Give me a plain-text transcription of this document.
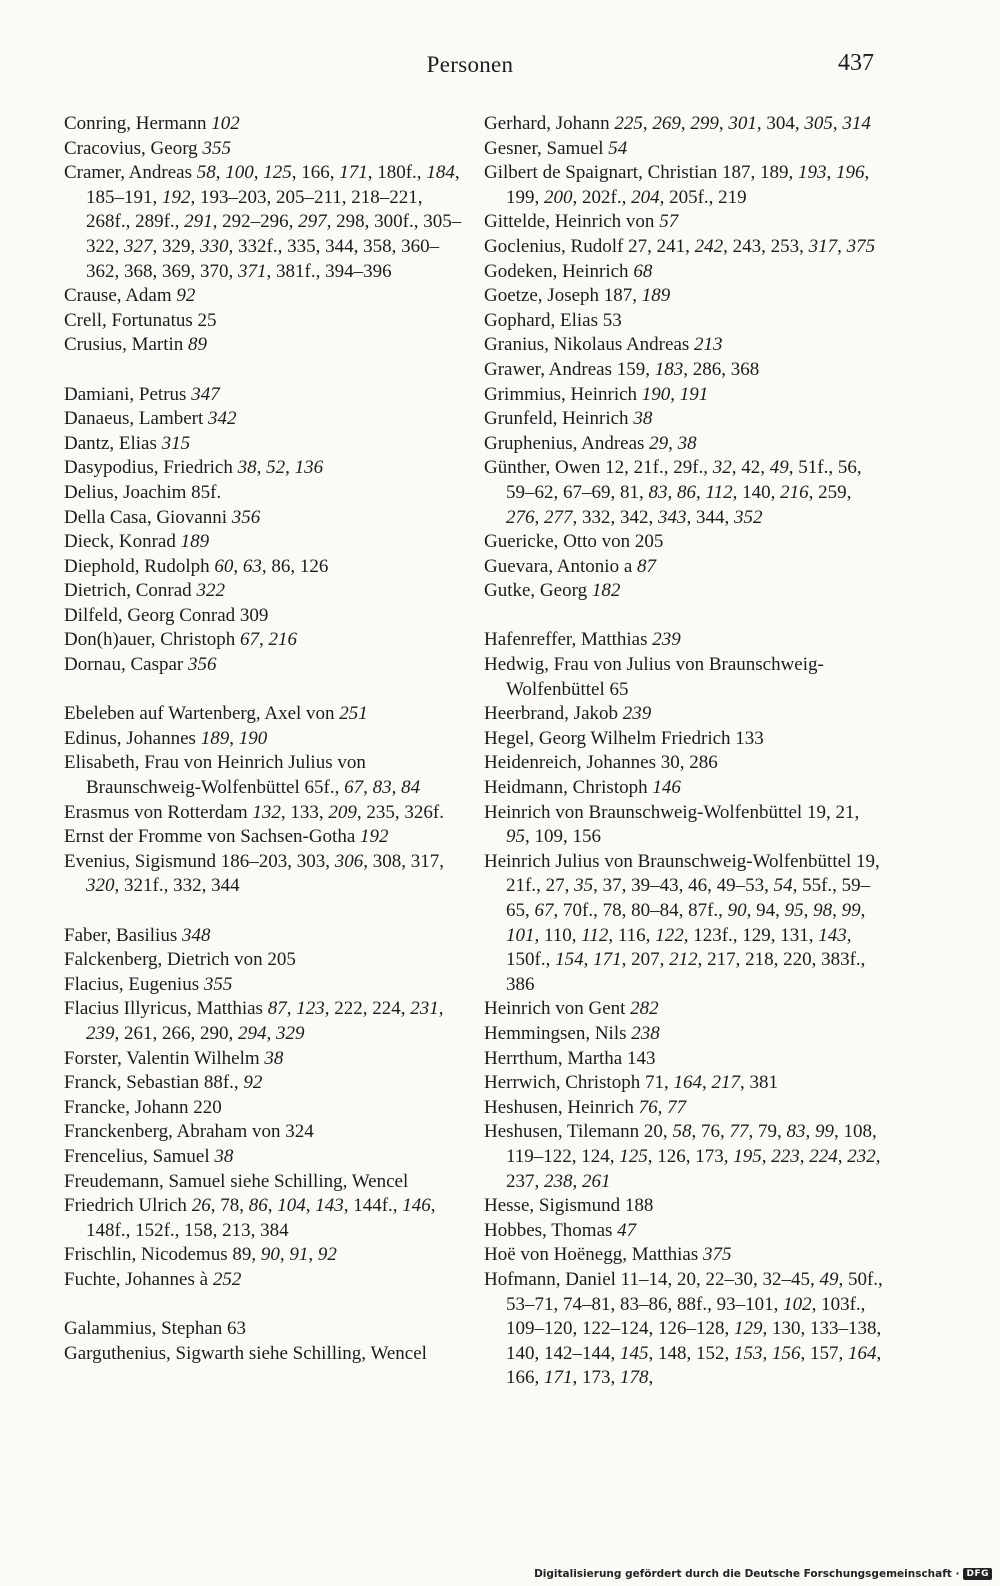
Personen	437
Conring, Hermann 102
Cracovius, Georg 355
Cramer, Andreas 58, 100, 125, 166, 171, 180f., 184, 185–191, 192, 193–203, 205–211, 218–221, 268f., 289f., 291, 292–296, 297, 298, 300f., 305–322, 327, 329, 330, 332f., 335, 344, 358, 360–362, 368, 369, 370, 371, 381f., 394–396
Crause, Adam 92
Crell, Fortunatus 25
Crusius, Martin 89
Damiani, Petrus 347
Danaeus, Lambert 342
Dantz, Elias 315
Dasypodius, Friedrich 38, 52, 136
Delius, Joachim 85f.
Della Casa, Giovanni 356
Dieck, Konrad 189
Diephold, Rudolph 60, 63, 86, 126
Dietrich, Conrad 322
Dilfeld, Georg Conrad 309
Don(h)auer, Christoph 67, 216
Dornau, Caspar 356
Ebeleben auf Wartenberg, Axel von 251
Edinus, Johannes 189, 190
Elisabeth, Frau von Heinrich Julius von Braunschweig-Wolfenbüttel 65f., 67, 83, 84
Erasmus von Rotterdam 132, 133, 209, 235, 326f.
Ernst der Fromme von Sachsen-Gotha 192
Evenius, Sigismund 186–203, 303, 306, 308, 317, 320, 321f., 332, 344
Faber, Basilius 348
Falckenberg, Dietrich von 205
Flacius, Eugenius 355
Flacius Illyricus, Matthias 87, 123, 222, 224, 231, 239, 261, 266, 290, 294, 329
Forster, Valentin Wilhelm 38
Franck, Sebastian 88f., 92
Francke, Johann 220
Franckenberg, Abraham von 324
Frencelius, Samuel 38
Freudemann, Samuel siehe Schilling, Wencel
Friedrich Ulrich 26, 78, 86, 104, 143, 144f., 146, 148f., 152f., 158, 213, 384
Frischlin, Nicodemus 89, 90, 91, 92
Fuchte, Johannes à 252
Galammius, Stephan 63
Garguthenius, Sigwarth siehe Schilling, Wencel
Gerhard, Johann 225, 269, 299, 301, 304, 305, 314
Gesner, Samuel 54
Gilbert de Spaignart, Christian 187, 189, 193, 196, 199, 200, 202f., 204, 205f., 219
Gittelde, Heinrich von 57
Goclenius, Rudolf 27, 241, 242, 243, 253, 317, 375
Godeken, Heinrich 68
Goetze, Joseph 187, 189
Gophard, Elias 53
Granius, Nikolaus Andreas 213
Grawer, Andreas 159, 183, 286, 368
Grimmius, Heinrich 190, 191
Grunfeld, Heinrich 38
Gruphenius, Andreas 29, 38
Günther, Owen 12, 21f., 29f., 32, 42, 49, 51f., 56, 59–62, 67–69, 81, 83, 86, 112, 140, 216, 259, 276, 277, 332, 342, 343, 344, 352
Guericke, Otto von 205
Guevara, Antonio a 87
Gutke, Georg 182
Hafenreffer, Matthias 239
Hedwig, Frau von Julius von Braunschweig-Wolfenbüttel 65
Heerbrand, Jakob 239
Hegel, Georg Wilhelm Friedrich 133
Heidenreich, Johannes 30, 286
Heidmann, Christoph 146
Heinrich von Braunschweig-Wolfenbüttel 19, 21, 95, 109, 156
Heinrich Julius von Braunschweig-Wolfenbüttel 19, 21f., 27, 35, 37, 39–43, 46, 49–53, 54, 55f., 59–65, 67, 70f., 78, 80–84, 87f., 90, 94, 95, 98, 99, 101, 110, 112, 116, 122, 123f., 129, 131, 143, 150f., 154, 171, 207, 212, 217, 218, 220, 383f., 386
Heinrich von Gent 282
Hemmingsen, Nils 238
Herrthum, Martha 143
Herrwich, Christoph 71, 164, 217, 381
Heshusen, Heinrich 76, 77
Heshusen, Tilemann 20, 58, 76, 77, 79, 83, 99, 108, 119–122, 124, 125, 126, 173, 195, 223, 224, 232, 237, 238, 261
Hesse, Sigismund 188
Hobbes, Thomas 47
Hoë von Hoënegg, Matthias 375
Hofmann, Daniel 11–14, 20, 22–30, 32–45, 49, 50f., 53–71, 74–81, 83–86, 88f., 93–101, 102, 103f., 109–120, 122–124, 126–128, 129, 130, 133–138, 140, 142–144, 145, 148, 152, 153, 156, 157, 164, 166, 171, 173, 178,
Digitalisierung gefördert durch die Deutsche Forschungsgemeinschaft · DFG
